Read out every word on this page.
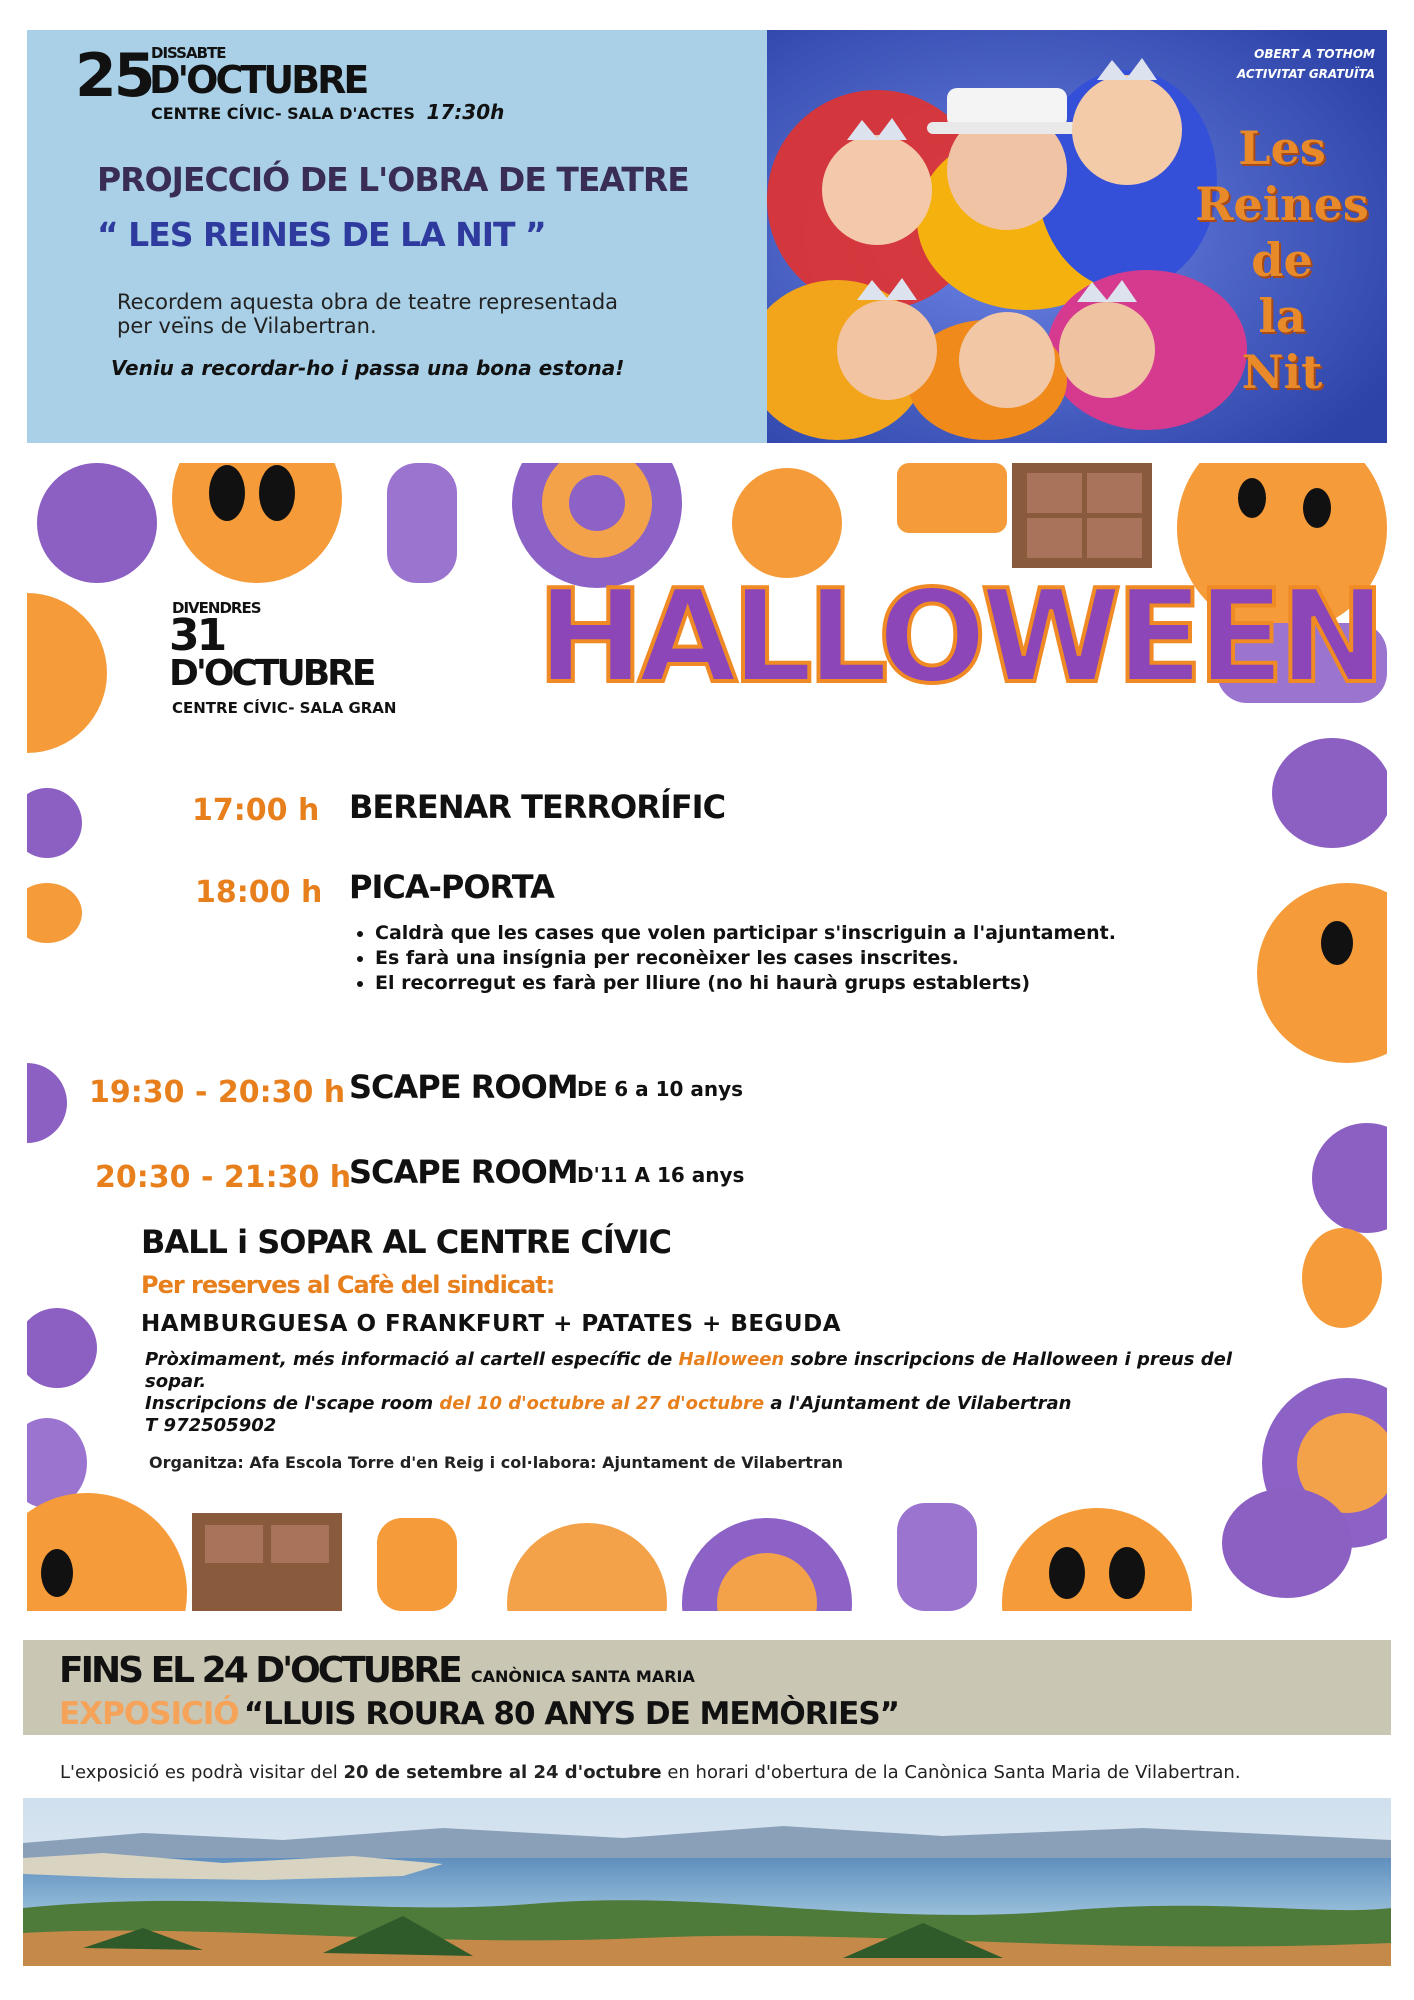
25
DISSABTE
D'OCTUBRE
CENTRE CÍVIC- SALA D'ACTES 17:30h
PROJECCIÓ DE L'OBRA DE TEATRE
“ LES REINES DE LA NIT ”
Recordem aquesta obra de teatre representada
per veïns de Vilabertran.
Veniu a recordar-ho i passa una bona estona!
OBERT A TOTHOM
ACTIVITAT GRATUÏTA
Les
Reines
de
la
Nit
DIVENDRES
31
D'OCTUBRE
CENTRE CÍVIC- SALA GRAN HALLOWEEN
17:00 h BERENAR TERRORÍFIC
18:00 h PICA-PORTA
• Caldrà que les cases que volen participar s'inscriguin a l'ajuntament.
• Es farà una insígnia per reconèixer les cases inscrites.
• El recorregut es farà per lliure (no hi haurà grups establerts)
19:30 - 20:30 h SCAPE ROOM DE 6 a 10 anys
20:30 - 21:30 h
SCAPE ROOM D'11 A 16 anys
BALL i SOPAR AL CENTRE CÍVIC
Per reserves al Cafè del sindicat:
HAMBURGUESA O FRANKFURT + PATATES + BEGUDA
Pròximament, més informació al cartell específic de Halloween sobre inscripcions de Halloween i preus del sopar.
Inscripcions de l'scape room del 10 d'octubre al 27 d'octubre a l'Ajuntament de Vilabertran
T 972505902
Organitza: Afa Escola Torre d'en Reig i col·labora: Ajuntament de Vilabertran
FINS EL 24 D'OCTUBRE CANÒNICA SANTA MARIA
EXPOSICIÓ “LLUIS ROURA 80 ANYS DE MEMÒRIES”
L'exposició es podrà visitar del 20 de setembre al 24 d'octubre en horari d'obertura de la Canònica Santa Maria de Vilabertran.
